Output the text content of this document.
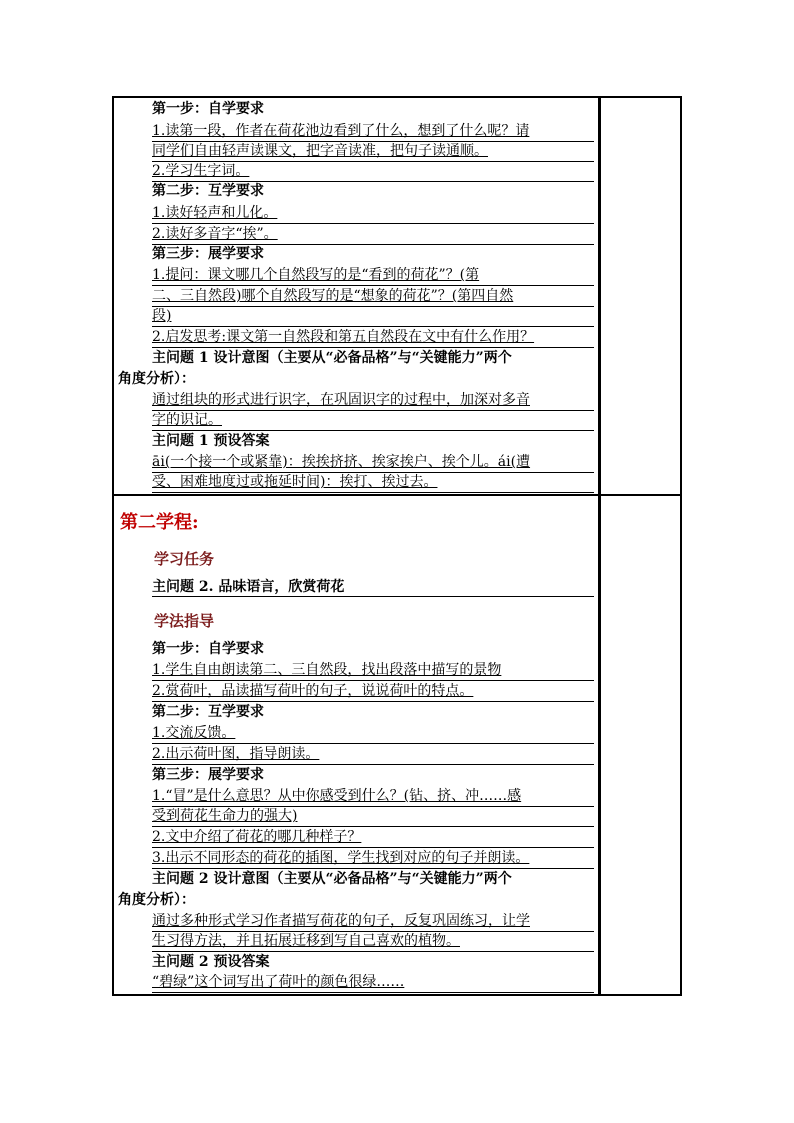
第一步：自学要求
1.读第一段，作者在荷花池边看到了什么，想到了什么呢？请
同学们自由轻声读课文，把字音读准，把句子读通顺。
2.学习生字词。
第二步：互学要求
1.读好轻声和儿化。
2.读好多音字“挨”。
第三步：展学要求
1.提问：课文哪几个自然段写的是“看到的荷花”？(第
二、三自然段)哪个自然段写的是“想象的荷花”？(第四自然
段)
2.启发思考:课文第一自然段和第五自然段在文中有什么作用？
主问题 1 设计意图（主要从“必备品格”与“关键能力”两个
角度分析）：
通过组块的形式进行识字，在巩固识字的过程中，加深对多音
字的识记。
主问题 1 预设答案
āi(一个接一个或紧靠)：挨挨挤挤、挨家挨户、挨个儿。ái(遭
受、困难地度过或拖延时间)：挨打、挨过去。
第二学程:
学习任务
主问题 2. 品味语言，欣赏荷花
学法指导
第一步：自学要求
1.学生自由朗读第二、三自然段，找出段落中描写的景物
2.赏荷叶，品读描写荷叶的句子，说说荷叶的特点。
第二步：互学要求
1.交流反馈。
2.出示荷叶图，指导朗读。
第三步：展学要求
1.“冒”是什么意思？从中你感受到什么？(钻、挤、冲……感
受到荷花生命力的强大)
2.文中介绍了荷花的哪几种样子？
3.出示不同形态的荷花的插图，学生找到对应的句子并朗读。
主问题 2 设计意图（主要从“必备品格”与“关键能力”两个
角度分析）：
通过多种形式学习作者描写荷花的句子，反复巩固练习，让学
生习得方法，并且拓展迁移到写自己喜欢的植物。
主问题 2 预设答案
“碧绿”这个词写出了荷叶的颜色很绿……
